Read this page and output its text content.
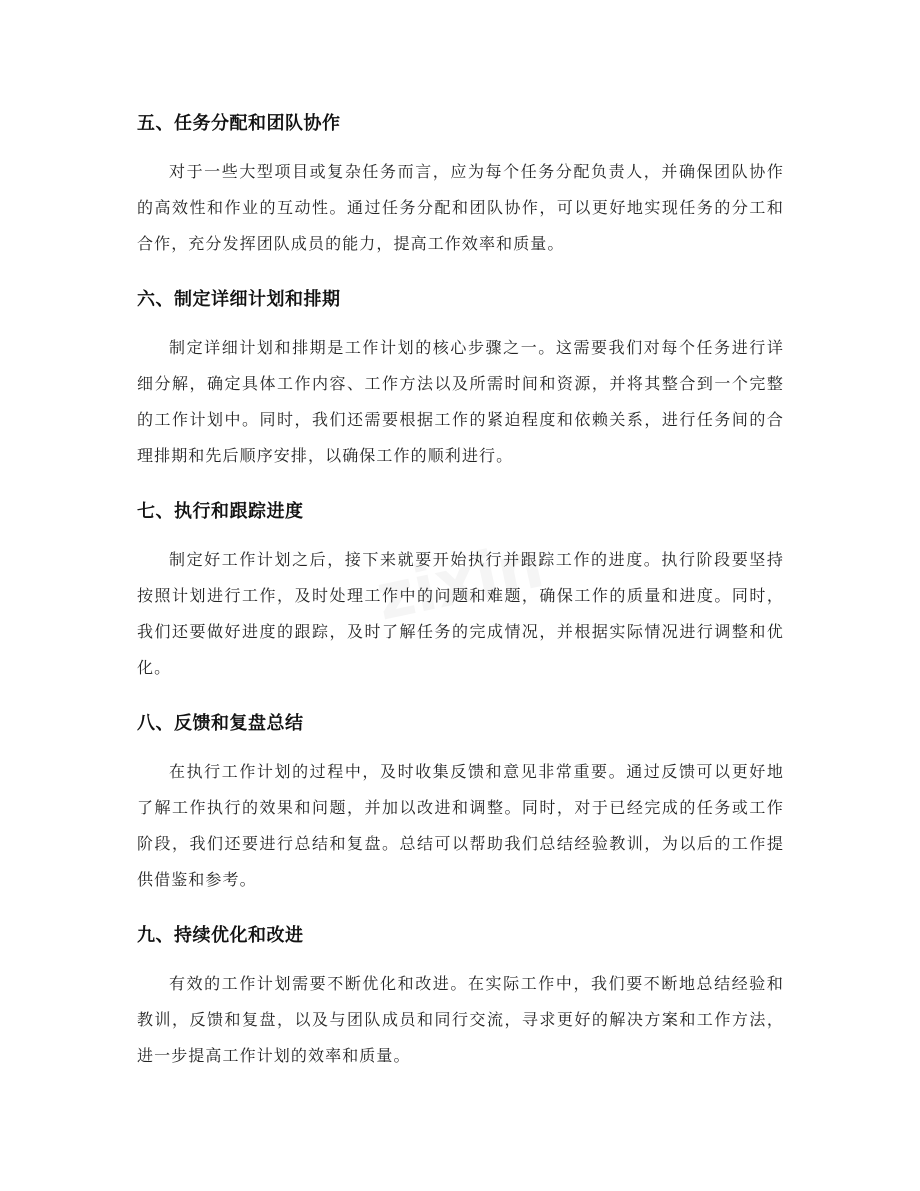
五、任务分配和团队协作

对于一些大型项目或复杂任务而言，应为每个任务分配负责人，并确保团队协作的高效性和作业的互动性。通过任务分配和团队协作，可以更好地实现任务的分工和合作，充分发挥团队成员的能力，提高工作效率和质量。

六、制定详细计划和排期

制定详细计划和排期是工作计划的核心步骤之一。这需要我们对每个任务进行详细分解，确定具体工作内容、工作方法以及所需时间和资源，并将其整合到一个完整的工作计划中。同时，我们还需要根据工作的紧迫程度和依赖关系，进行任务间的合理排期和先后顺序安排，以确保工作的顺利进行。

七、执行和跟踪进度

制定好工作计划之后，接下来就要开始执行并跟踪工作的进度。执行阶段要坚持按照计划进行工作，及时处理工作中的问题和难题，确保工作的质量和进度。同时，我们还要做好进度的跟踪，及时了解任务的完成情况，并根据实际情况进行调整和优化。

八、反馈和复盘总结

在执行工作计划的过程中，及时收集反馈和意见非常重要。通过反馈可以更好地了解工作执行的效果和问题，并加以改进和调整。同时，对于已经完成的任务或工作阶段，我们还要进行总结和复盘。总结可以帮助我们总结经验教训，为以后的工作提供借鉴和参考。

九、持续优化和改进

有效的工作计划需要不断优化和改进。在实际工作中，我们要不断地总结经验和教训，反馈和复盘，以及与团队成员和同行交流，寻求更好的解决方案和工作方法，进一步提高工作计划的效率和质量。
